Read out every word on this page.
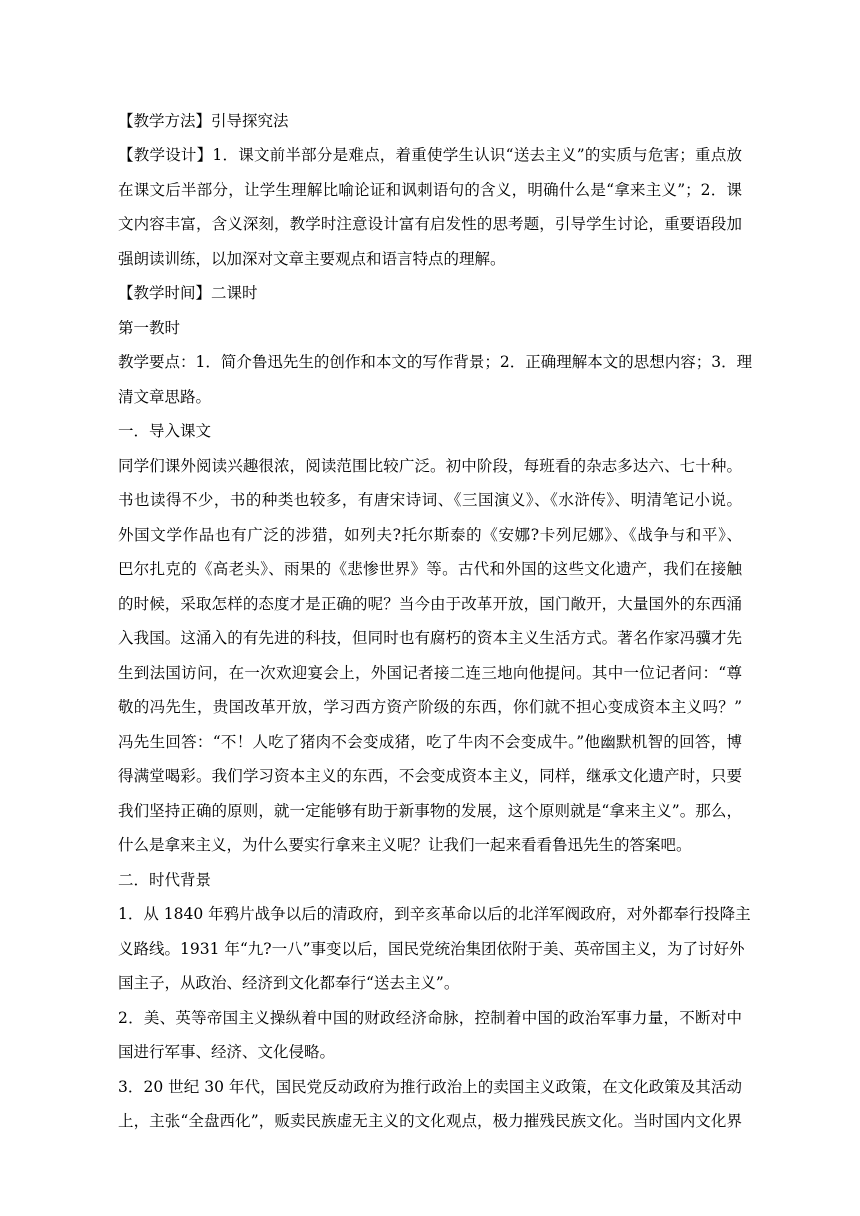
【教学方法】引导探究法
【教学设计】1．课文前半部分是难点，着重使学生认识“送去主义”的实质与危害；重点放
在课文后半部分，让学生理解比喻论证和讽刺语句的含义，明确什么是“拿来主义”；2．课
文内容丰富，含义深刻，教学时注意设计富有启发性的思考题，引导学生讨论，重要语段加
强朗读训练，以加深对文章主要观点和语言特点的理解。
【教学时间】二课时
第一教时
教学要点：1．简介鲁迅先生的创作和本文的写作背景；2．正确理解本文的思想内容；3．理
清文章思路。
一．导入课文
同学们课外阅读兴趣很浓，阅读范围比较广泛。初中阶段，每班看的杂志多达六、七十种。
书也读得不少，书的种类也较多，有唐宋诗词、《三国演义》、《水浒传》、明清笔记小说。
外国文学作品也有广泛的涉猎，如列夫?托尔斯泰的《安娜?卡列尼娜》、《战争与和平》、
巴尔扎克的《高老头》、雨果的《悲惨世界》等。古代和外国的这些文化遗产，我们在接触
的时候，采取怎样的态度才是正确的呢？当今由于改革开放，国门敞开，大量国外的东西涌
入我国。这涌入的有先进的科技，但同时也有腐朽的资本主义生活方式。著名作家冯骥才先
生到法国访问，在一次欢迎宴会上，外国记者接二连三地向他提问。其中一位记者问：“尊
敬的冯先生，贵国改革开放，学习西方资产阶级的东西，你们就不担心变成资本主义吗？”
冯先生回答：“不！人吃了猪肉不会变成猪，吃了牛肉不会变成牛。”他幽默机智的回答，博
得满堂喝彩。我们学习资本主义的东西，不会变成资本主义，同样，继承文化遗产时，只要
我们坚持正确的原则，就一定能够有助于新事物的发展，这个原则就是“拿来主义”。那么，
什么是拿来主义，为什么要实行拿来主义呢？让我们一起来看看鲁迅先生的答案吧。
二．时代背景
1．从 1840 年鸦片战争以后的清政府，到辛亥革命以后的北洋军阀政府，对外都奉行投降主
义路线。1931 年“九?一八”事变以后，国民党统治集团依附于美、英帝国主义，为了讨好外
国主子，从政治、经济到文化都奉行“送去主义”。
2．美、英等帝国主义操纵着中国的财政经济命脉，控制着中国的政治军事力量，不断对中
国进行军事、经济、文化侵略。
3．20 世纪 30 年代，国民党反动政府为推行政治上的卖国主义政策，在文化政策及其活动
上，主张“全盘西化”，贩卖民族虚无主义的文化观点，极力摧残民族文化。当时国内文化界
